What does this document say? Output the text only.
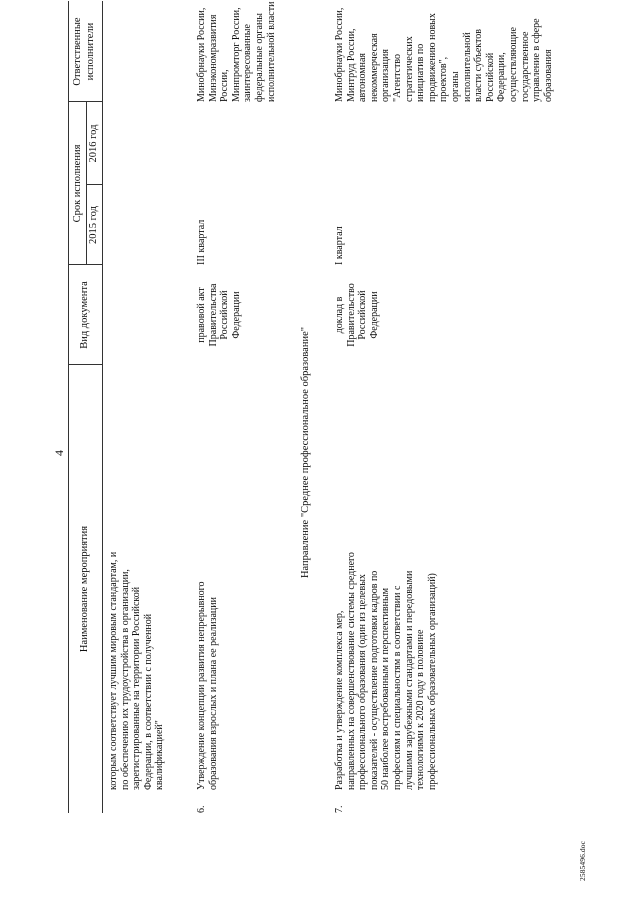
4
Наименование мероприятия
Вид документа
Срок исполнения
2015 год
2016 год
Ответственные исполнители
которым соответствует лучшим мировым стандартам, и по обеспечению их трудоустройства в организации, зарегистрированные на территории Российской Федерации, в соответствии с полученной квалификацией"
6.
Утверждение концепции развития непрерывного образования взрослых и плана ее реализации
правовой акт Правительства Российской Федерации
III квартал
Минобрнауки России, Минэкономразвития России, Минпромторг России, заинтересованные федеральные органы исполнительной власти
Направление "Среднее профессиональное образование"
7.
Разработка и утверждение комплекса мер, направленных на совершенствование системы среднего профессионального образования (один из целевых показателей - осуществление подготовки кадров по 50 наиболее востребованным и перспективным профессиям и специальностям в соответствии с лучшими зарубежными стандартами и передовыми технологиями к 2020 году в половине профессиональных образовательных организаций)
доклад в Правительство Российской Федерации
I квартал
Минобрнауки России, Минтруд России, автономная некоммерческая организация "Агентство стратегических инициатив по продвижению новых проектов", органы исполнительной власти субъектов Российской Федерации, осуществляющие государственное управление в сфере образования
2585496.doc
